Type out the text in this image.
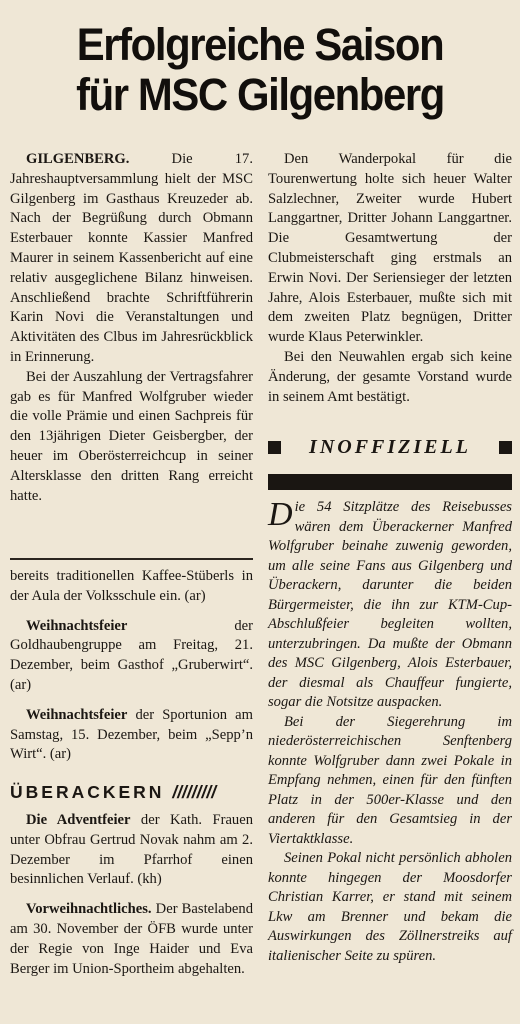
Erfolgreiche Saison
für MSC Gilgenberg

GILGENBERG.	Die 17. Jahreshauptversammlung hielt der MSC Gilgenberg im Gasthaus Kreuzeder ab. Nach der Begrüßung durch Obmann Esterbauer konnte Kassier Manfred Maurer in seinem Kassenbericht auf eine relativ ausgeglichene Bilanz hinweisen. Anschließend brachte Schriftführerin Karin Novi die Veranstaltungen und Aktivitäten des Clbus im Jahresrückblick in Erinnerung.

Bei der Auszahlung der Vertragsfahrer gab es für Manfred Wolfgruber wieder die volle Prämie und einen Sachpreis für den 13jährigen Dieter Geisbergber, der heuer im Oberösterreichcup in seiner Altersklasse den dritten Rang erreicht hatte.

Den Wanderpokal für die Tourenwertung holte sich heuer Walter Salzlechner, Zweiter wurde Hubert Langgartner, Dritter Johann Langgartner. Die Gesamtwertung der Clubmeisterschaft ging erstmals an Erwin Novi. Der Seriensieger der letzten Jahre, Alois Esterbauer, mußte sich mit dem zweiten Platz begnügen, Dritter wurde Klaus Peterwinkler.

Bei den Neuwahlen ergab sich keine Änderung, der gesamte Vorstand wurde in seinem Amt bestätigt.

bereits traditionellen Kaffee-Stüberls in der Aula der Volksschule ein. (ar)

Weihnachtsfeier der Goldhaubengruppe am Freitag, 21. Dezember, beim Gasthof „Gruberwirt“. (ar)

Weihnachtsfeier der Sportunion am Samstag, 15. Dezember, beim „Sepp’n Wirt“. (ar)

ÜBERACKERN /////////

Die Adventfeier der Kath. Frauen unter Obfrau Gertrud Novak nahm am 2. Dezember im Pfarrhof einen besinnlichen Verlauf. (kh)

Vorweihnachtliches. Der Bastelabend am 30. November der ÖFB wurde unter der Regie von Inge Haider und Eva Berger im Union-Sportheim abgehalten.

INOFFIZIELL

Die 54 Sitzplätze des Reisebusses wären dem Überackerner Manfred Wolfgruber beinahe zuwenig geworden, um alle seine Fans aus Gilgenberg und Überackern, darunter die beiden Bürgermeister, die ihn zur KTM-Cup-Abschlußfeier begleiten wollten, unterzubringen. Da mußte der Obmann des MSC Gilgenberg, Alois Esterbauer, der diesmal als Chauffeur fungierte, sogar die Notsitze auspacken.

Bei der Siegerehrung im niederösterreichischen Senftenberg konnte Wolfgruber dann zwei Pokale in Empfang nehmen, einen für den fünften Platz in der 500er-Klasse und den anderen für den Gesamtsieg in der Viertaktklasse.

Seinen Pokal nicht persönlich abholen konnte hingegen der Moosdorfer Christian Karrer, er stand mit seinem Lkw am Brenner und bekam die Auswirkungen des Zöllnerstreiks auf italienischer Seite zu spüren.
